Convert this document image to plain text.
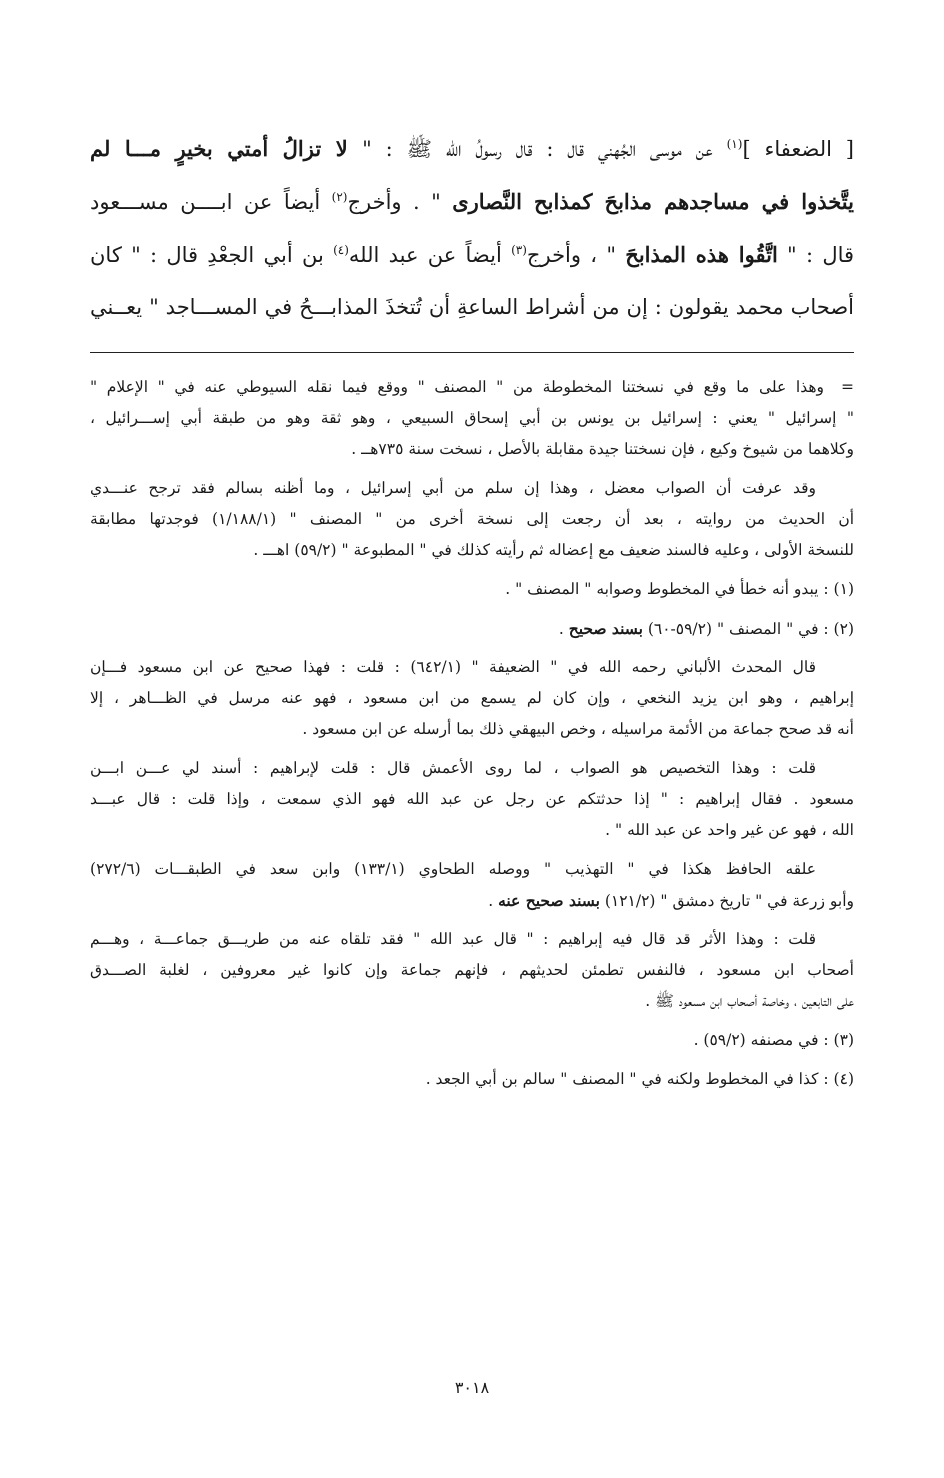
[ الضعفاء ]$^{(١)}$ عن موسى الجُهني قال : قال رسولُ الله ﷺ : " لا تزالُ أمتي بخيرٍ مـــا لم
يتَّخذوا في مساجدهم مذابحَ كمذابح النَّصارى " . وأخرج$^{(٢)}$ أيضاً عن ابــــن مســـعود
قال : " اتَّقُوا هذه المذابحَ " ، وأخرج$^{(٣)}$ أيضاً عن عبد الله$^{(٤)}$ بن أبي الجعْدِ قال : " كان
أصحاب محمد يقولون : إن من أشراط الساعةِ أن تُتخذَ المذابـــحُ في المســـاجد " يعــني
=وهذا على ما وقع في نسختنا المخطوطة من " المصنف " ووقع فيما نقله السيوطي عنه في " الإعلام "
" إسرائيل " يعني : إسرائيل بن يونس بن أبي إسحاق السبيعي ، وهو ثقة وهو من طبقة أبي إســـرائيل ،
وكلاهما من شيوخ وكيع ، فإن نسختنا جيدة مقابلة بالأصل ، نسخت سنة ٧٣٥هــ .
وقد عرفت أن الصواب معضل ، وهذا إن سلم من أبي إسرائيل ، وما أظنه بسالم فقد ترجح عنـــدي
أن الحديث من روايته ، بعد أن رجعت إلى نسخة أخرى من " المصنف " (١/١٨٨/١) فوجدتها مطابقة
للنسخة الأولى ، وعليه فالسند ضعيف مع إعضاله ثم رأيته كذلك في " المطبوعة " (٥٩/٢) اهـــ .
(١) : يبدو أنه خطأ في المخطوط وصوابه " المصنف " .
(٢) : في " المصنف " (٥٩/٢-٦٠) بسند صحيح .
قال المحدث الألباني رحمه الله في " الضعيفة " (٦٤٢/١) : قلت : فهذا صحيح عن ابن مسعود فـــإن
إبراهيم ، وهو ابن يزيد النخعي ، وإن كان لم يسمع من ابن مسعود ، فهو عنه مرسل في الظـــاهر ، إلا
أنه قد صحح جماعة من الأئمة مراسيله ، وخص البيهقي ذلك بما أرسله عن ابن مسعود .
قلت : وهذا التخصيص هو الصواب ، لما روى الأعمش قال : قلت لإبراهيم : أسند لي عـــن ابـــن
مسعود . فقال إبراهيم : " إذا حدثتكم عن رجل عن عبد الله فهو الذي سمعت ، وإذا قلت : قال عبـــد
الله ، فهو عن غير واحد عن عبد الله " .
علقه الحافظ هكذا في " التهذيب " ووصله الطحاوي (١٣٣/١) وابن سعد في الطبقـــات (٢٧٢/٦)
وأبو زرعة في " تاريخ دمشق " (١٢١/٢) بسند صحيح عنه .
قلت : وهذا الأثر قد قال فيه إبراهيم : " قال عبد الله " فقد تلقاه عنه من طريـــق جماعـــة ، وهـــم
أصحاب ابن مسعود ، فالنفس تطمئن لحديثهم ، فإنهم جماعة وإن كانوا غير معروفين ، لغلبة الصـــدق
على التابعين ، وخاصة أصحاب ابن مسعود ﷺ .
(٣) : في مصنفه (٥٩/٢) .
(٤) : كذا في المخطوط ولكنه في " المصنف " سالم بن أبي الجعد .
٣٠١٨
